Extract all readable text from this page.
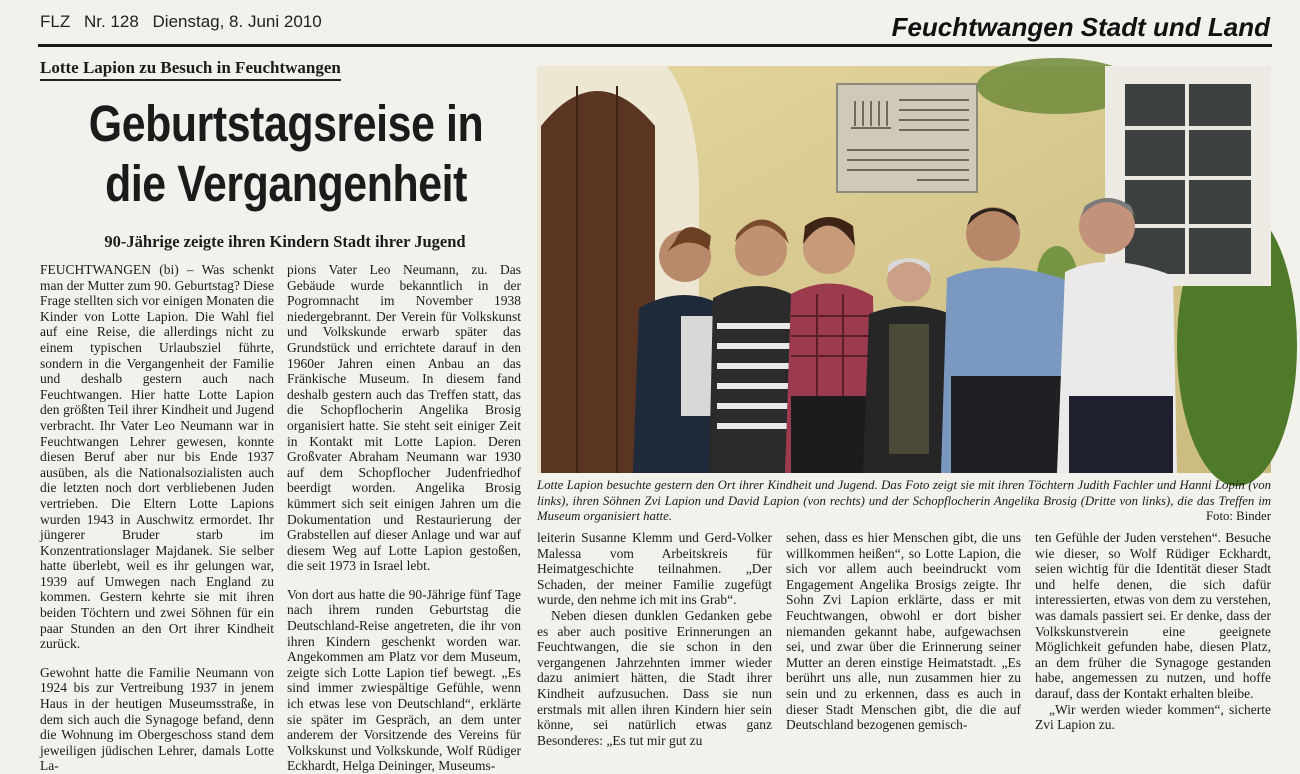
FLZ Nr. 128 Dienstag, 8. Juni 2010	Feuchtwangen Stadt und Land
Lotte Lapion zu Besuch in Feuchtwangen
Geburtstagsreise in
die Vergangenheit
90-Jährige zeigte ihren Kindern Stadt ihrer Jugend

FEUCHTWANGEN (bi) – Was schenkt man der Mutter zum 90. Geburtstag? Diese Frage stellten sich vor einigen Monaten die Kinder von Lotte Lapion. Die Wahl fiel auf eine Reise, die allerdings nicht zu einem typischen Urlaubsziel führte, sondern in die Vergangenheit der Familie und deshalb gestern auch nach Feuchtwangen. Hier hatte Lotte Lapion den größten Teil ihrer Kindheit und Jugend verbracht. Ihr Vater Leo Neumann war in Feuchtwangen Lehrer gewesen, konnte diesen Beruf aber nur bis Ende 1937 ausüben, als die Nationalsozialisten auch die letzten noch dort verbliebenen Juden vertrieben. Die Eltern Lotte Lapions wurden 1943 in Auschwitz ermordet. Ihr jüngerer Bruder starb im Konzentrationslager Majdanek. Sie selber hatte überlebt, weil es ihr gelungen war, 1939 auf Umwegen nach England zu kommen. Gestern kehrte sie mit ihren beiden Töchtern und zwei Söhnen für ein paar Stunden an den Ort ihrer Kindheit zurück.

Gewohnt hatte die Familie Neumann von 1924 bis zur Vertreibung 1937 in jenem Haus in der heutigen Museumsstraße, in dem sich auch die Synagoge befand, denn die Wohnung im Obergeschoss stand dem jeweiligen jüdischen Lehrer, damals Lotte La-

pions Vater Leo Neumann, zu. Das Gebäude wurde bekanntlich in der Pogromnacht im November 1938 niedergebrannt. Der Verein für Volkskunst und Volkskunde erwarb später das Grundstück und errichtete darauf in den 1960er Jahren einen Anbau an das Fränkische Museum. In diesem fand deshalb gestern auch das Treffen statt, das die Schopflocherin Angelika Brosig organisiert hatte. Sie steht seit einiger Zeit in Kontakt mit Lotte Lapion. Deren Großvater Abraham Neumann war 1930 auf dem Schopflocher Judenfriedhof beerdigt worden. Angelika Brosig kümmert sich seit einigen Jahren um die Dokumentation und Restaurierung der Grabstellen auf dieser Anlage und war auf diesem Weg auf Lotte Lapion gestoßen, die seit 1973 in Israel lebt.

Von dort aus hatte die 90-Jährige fünf Tage nach ihrem runden Geburtstag die Deutschland-Reise angetreten, die ihr von ihren Kindern geschenkt worden war. Angekommen am Platz vor dem Museum, zeigte sich Lotte Lapion tief bewegt. „Es sind immer zwiespältige Gefühle, wenn ich etwas lese von Deutschland“, erklärte sie später im Gespräch, an dem unter anderem der Vorsitzende des Vereins für Volkskunst und Volkskunde, Wolf Rüdiger Eckhardt, Helga Deininger, Museums-

Lotte Lapion besuchte gestern den Ort ihrer Kindheit und Jugend. Das Foto zeigt sie mit ihren Töchtern Judith Fachler und Hanni Lopin (von links), ihren Söhnen Zvi Lapion und David Lapion (von rechts) und der Schopflocherin Angelika Brosig (Dritte von links), die das Treffen im Museum organisiert hatte.	Foto: Binder

leiterin Susanne Klemm und Gerd-Volker Malessa vom Arbeitskreis für Heimatgeschichte teilnahmen. „Der Schaden, der meiner Familie zugefügt wurde, den nehme ich mit ins Grab“.

Neben diesen dunklen Gedanken gebe es aber auch positive Erinnerungen an Feuchtwangen, die sie schon in den vergangenen Jahrzehnten immer wieder dazu animiert hätten, die Stadt ihrer Kindheit aufzusuchen. Dass sie nun erstmals mit allen ihren Kindern hier sein könne, sei natürlich etwas ganz Besonderes: „Es tut mir gut zu

sehen, dass es hier Menschen gibt, die uns willkommen heißen“, so Lotte Lapion, die sich vor allem auch beeindruckt vom Engagement Angelika Brosigs zeigte. Ihr Sohn Zvi Lapion erklärte, dass er mit Feuchtwangen, obwohl er dort bisher niemanden gekannt habe, aufgewachsen sei, und zwar über die Erinnerung seiner Mutter an deren einstige Heimatstadt. „Es berührt uns alle, nun zusammen hier zu sein und zu erkennen, dass es auch in dieser Stadt Menschen gibt, die die auf Deutschland bezogenen gemisch-

ten Gefühle der Juden verstehen“. Besuche wie dieser, so Wolf Rüdiger Eckhardt, seien wichtig für die Identität dieser Stadt und helfe denen, die sich dafür interessierten, etwas von dem zu verstehen, was damals passiert sei. Er denke, dass der Volkskunstverein eine geeignete Möglichkeit gefunden habe, diesen Platz, an dem früher die Synagoge gestanden habe, angemessen zu nutzen, und hoffe darauf, dass der Kontakt erhalten bleibe.

„Wir werden wieder kommen“, sicherte Zvi Lapion zu.
